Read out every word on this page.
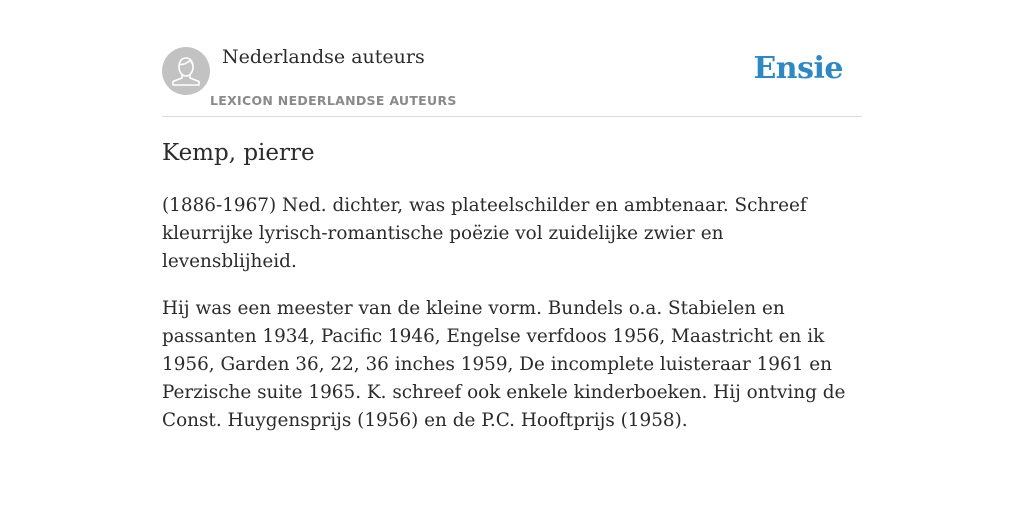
Nederlandse auteurs
LEXICON NEDERLANDSE AUTEURS
Ensie
Kemp, pierre

(1886-1967) Ned. dichter, was plateelschilder en ambtenaar. Schreef kleurrijke lyrisch-romantische poëzie vol zuidelijke zwier en levensblijheid.

Hij was een meester van de kleine vorm. Bundels o.a. Stabielen en passanten 1934, Pacific 1946, Engelse verfdoos 1956, Maastricht en ik 1956, Garden 36, 22, 36 inches 1959, De incomplete luisteraar 1961 en Perzische suite 1965. K. schreef ook enkele kinderboeken. Hij ontving de Const. Huygensprijs (1956) en de P.C. Hooftprijs (1958).
